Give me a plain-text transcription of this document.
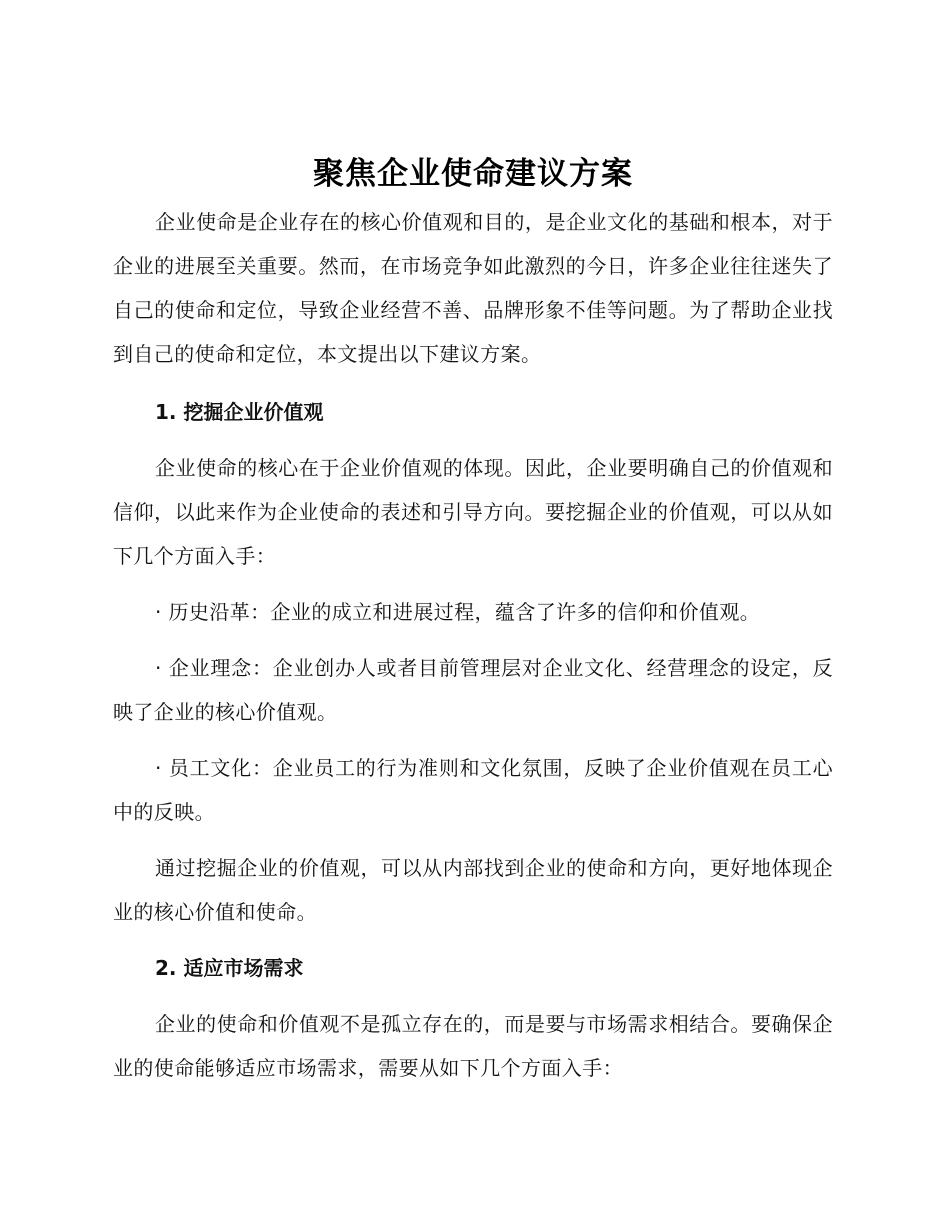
聚焦企业使命建议方案

企业使命是企业存在的核心价值观和目的，是企业文化的基础和根本，对于企业的进展至关重要。然而，在市场竞争如此激烈的今日，许多企业往往迷失了自己的使命和定位，导致企业经营不善、品牌形象不佳等问题。为了帮助企业找到自己的使命和定位，本文提出以下建议方案。

1. 挖掘企业价值观

企业使命的核心在于企业价值观的体现。因此，企业要明确自己的价值观和信仰，以此来作为企业使命的表述和引导方向。要挖掘企业的价值观，可以从如下几个方面入手：

· 历史沿革：企业的成立和进展过程，蕴含了许多的信仰和价值观。

· 企业理念：企业创办人或者目前管理层对企业文化、经营理念的设定，反映了企业的核心价值观。

· 员工文化：企业员工的行为准则和文化氛围，反映了企业价值观在员工心中的反映。

通过挖掘企业的价值观，可以从内部找到企业的使命和方向，更好地体现企业的核心价值和使命。

2. 适应市场需求

企业的使命和价值观不是孤立存在的，而是要与市场需求相结合。要确保企业的使命能够适应市场需求，需要从如下几个方面入手：
